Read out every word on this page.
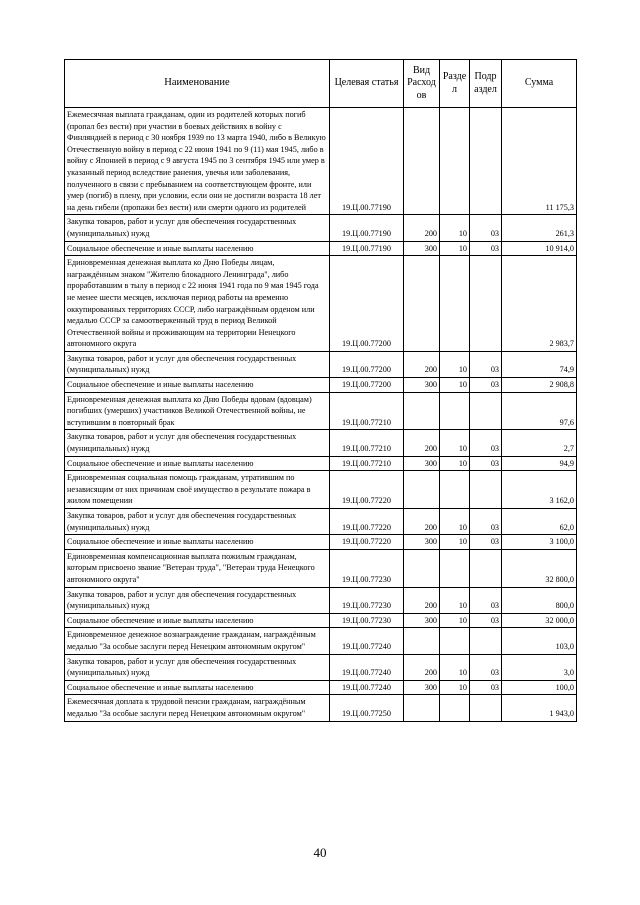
Наименование	Целевая статья	Вид Расход ов	Разде л	Подр аздел	Сумма
Ежемесячная выплата гражданам, один из родителей которых погиб (пропал без вести) при участии в боевых действиях в войну с Финляндией в период с 30 ноября 1939 по 13 марта 1940, либо в Великую Отечественную войну в период с 22 июня 1941 по 9 (11) мая 1945, либо в войну с Японией в период с 9 августа 1945 по 3 сентября 1945 или умер в указанный период вследствие ранения, увечья или заболевания, полученного в связи с пребыванием на соответствующем фронте, или умер (погиб) в плену, при условии, если они не достигли возраста 18 лет на день гибели (пропажи без вести) или смерти одного из родителей	19.Ц.00.77190				11 175,3
Закупка товаров, работ и услуг для обеспечения государственных (муниципальных) нужд	19.Ц.00.77190	200	10	03	261,3
Социальное обеспечение и иные выплаты населению	19.Ц.00.77190	300	10	03	10 914,0
Единовременная денежная выплата ко Дню Победы лицам, награждённым знаком "Жителю блокадного Ленинграда", либо проработавшим в тылу в период с 22 июня 1941 года по 9 мая 1945 года не менее шести месяцев, исключая период работы на временно оккупированных территориях СССР, либо награждённым орденом или медалью СССР за самоотверженный труд в период Великой Отечественной войны и проживающим на территории Ненецкого автономного округа	19.Ц.00.77200				2 983,7
Закупка товаров, работ и услуг для обеспечения государственных (муниципальных) нужд	19.Ц.00.77200	200	10	03	74,9
Социальное обеспечение и иные выплаты населению	19.Ц.00.77200	300	10	03	2 908,8
Единовременная денежная выплата ко Дню Победы вдовам (вдовцам) погибших (умерших) участников Великой Отечественной войны, не вступившим в повторный брак	19.Ц.00.77210				97,6
Закупка товаров, работ и услуг для обеспечения государственных (муниципальных) нужд	19.Ц.00.77210	200	10	03	2,7
Социальное обеспечение и иные выплаты населению	19.Ц.00.77210	300	10	03	94,9
Единовременная социальная помощь гражданам, утратившим по независящим от них причинам своё имущество в результате пожара в жилом помещении	19.Ц.00.77220				3 162,0
Закупка товаров, работ и услуг для обеспечения государственных (муниципальных) нужд	19.Ц.00.77220	200	10	03	62,0
Социальное обеспечение и иные выплаты населению	19.Ц.00.77220	300	10	03	3 100,0
Единовременная компенсационная выплата пожилым гражданам, которым присвоено звание "Ветеран труда", "Ветеран труда Ненецкого автономного округа"	19.Ц.00.77230				32 800,0
Закупка товаров, работ и услуг для обеспечения государственных (муниципальных) нужд	19.Ц.00.77230	200	10	03	800,0
Социальное обеспечение и иные выплаты населению	19.Ц.00.77230	300	10	03	32 000,0
Единовременное денежное вознаграждение гражданам, награждённым медалью "За особые заслуги перед Ненецким автономным округом"	19.Ц.00.77240				103,0
Закупка товаров, работ и услуг для обеспечения государственных (муниципальных) нужд	19.Ц.00.77240	200	10	03	3,0
Социальное обеспечение и иные выплаты населению	19.Ц.00.77240	300	10	03	100,0
Ежемесячная доплата к трудовой пенсии гражданам, награждённым медалью "За особые заслуги перед Ненецким автономным округом"	19.Ц.00.77250				1 943,0
40
